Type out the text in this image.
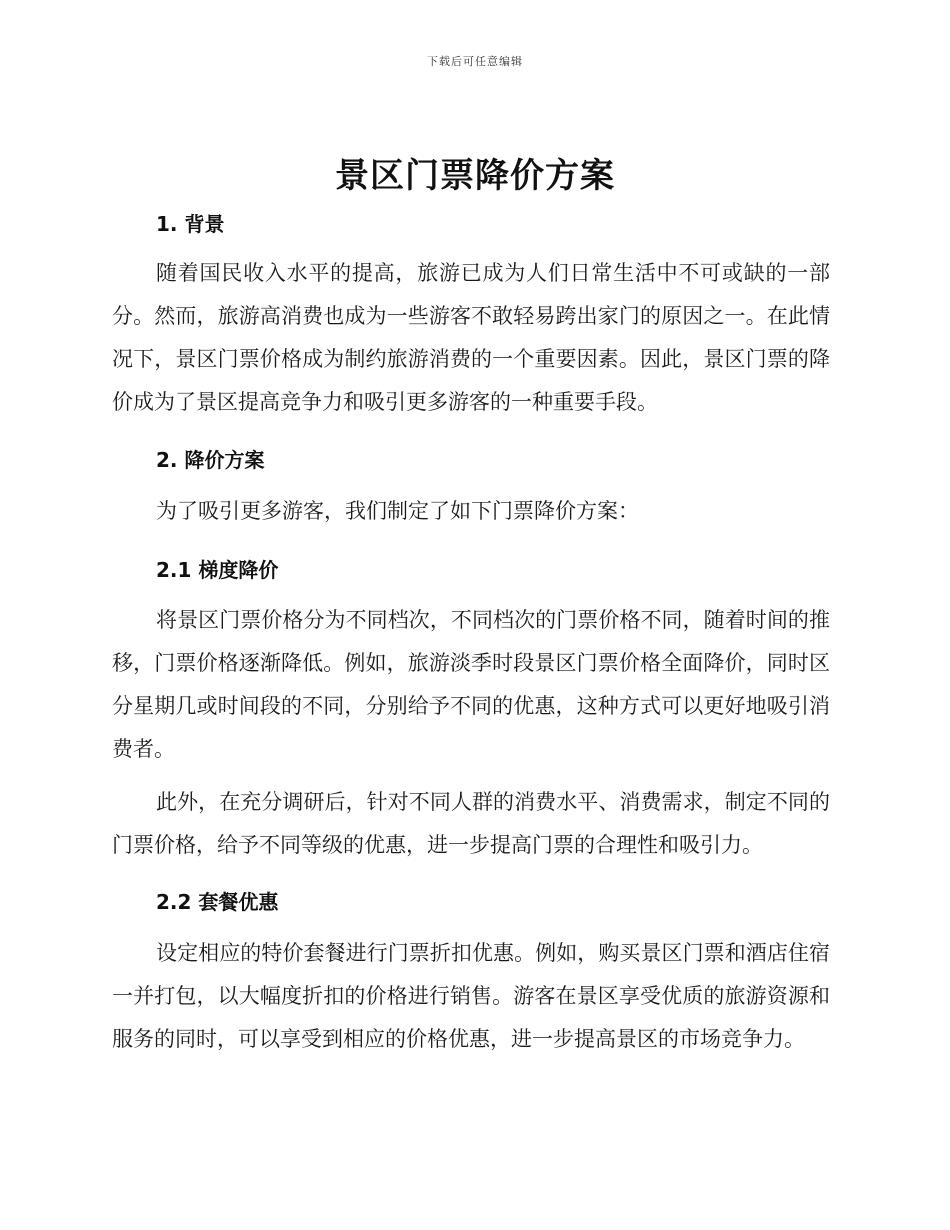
下载后可任意编辑
景区门票降价方案
1. 背景

随着国民收入水平的提高，旅游已成为人们日常生活中不可或缺的一部分。然而，旅游高消费也成为一些游客不敢轻易跨出家门的原因之一。在此情况下，景区门票价格成为制约旅游消费的一个重要因素。因此，景区门票的降价成为了景区提高竞争力和吸引更多游客的一种重要手段。

2. 降价方案

为了吸引更多游客，我们制定了如下门票降价方案：

2.1 梯度降价

将景区门票价格分为不同档次，不同档次的门票价格不同，随着时间的推移，门票价格逐渐降低。例如，旅游淡季时段景区门票价格全面降价，同时区分星期几或时间段的不同，分别给予不同的优惠，这种方式可以更好地吸引消费者。

此外，在充分调研后，针对不同人群的消费水平、消费需求，制定不同的门票价格，给予不同等级的优惠，进一步提高门票的合理性和吸引力。

2.2 套餐优惠

设定相应的特价套餐进行门票折扣优惠。例如，购买景区门票和酒店住宿一并打包，以大幅度折扣的价格进行销售。游客在景区享受优质的旅游资源和服务的同时，可以享受到相应的价格优惠，进一步提高景区的市场竞争力。
